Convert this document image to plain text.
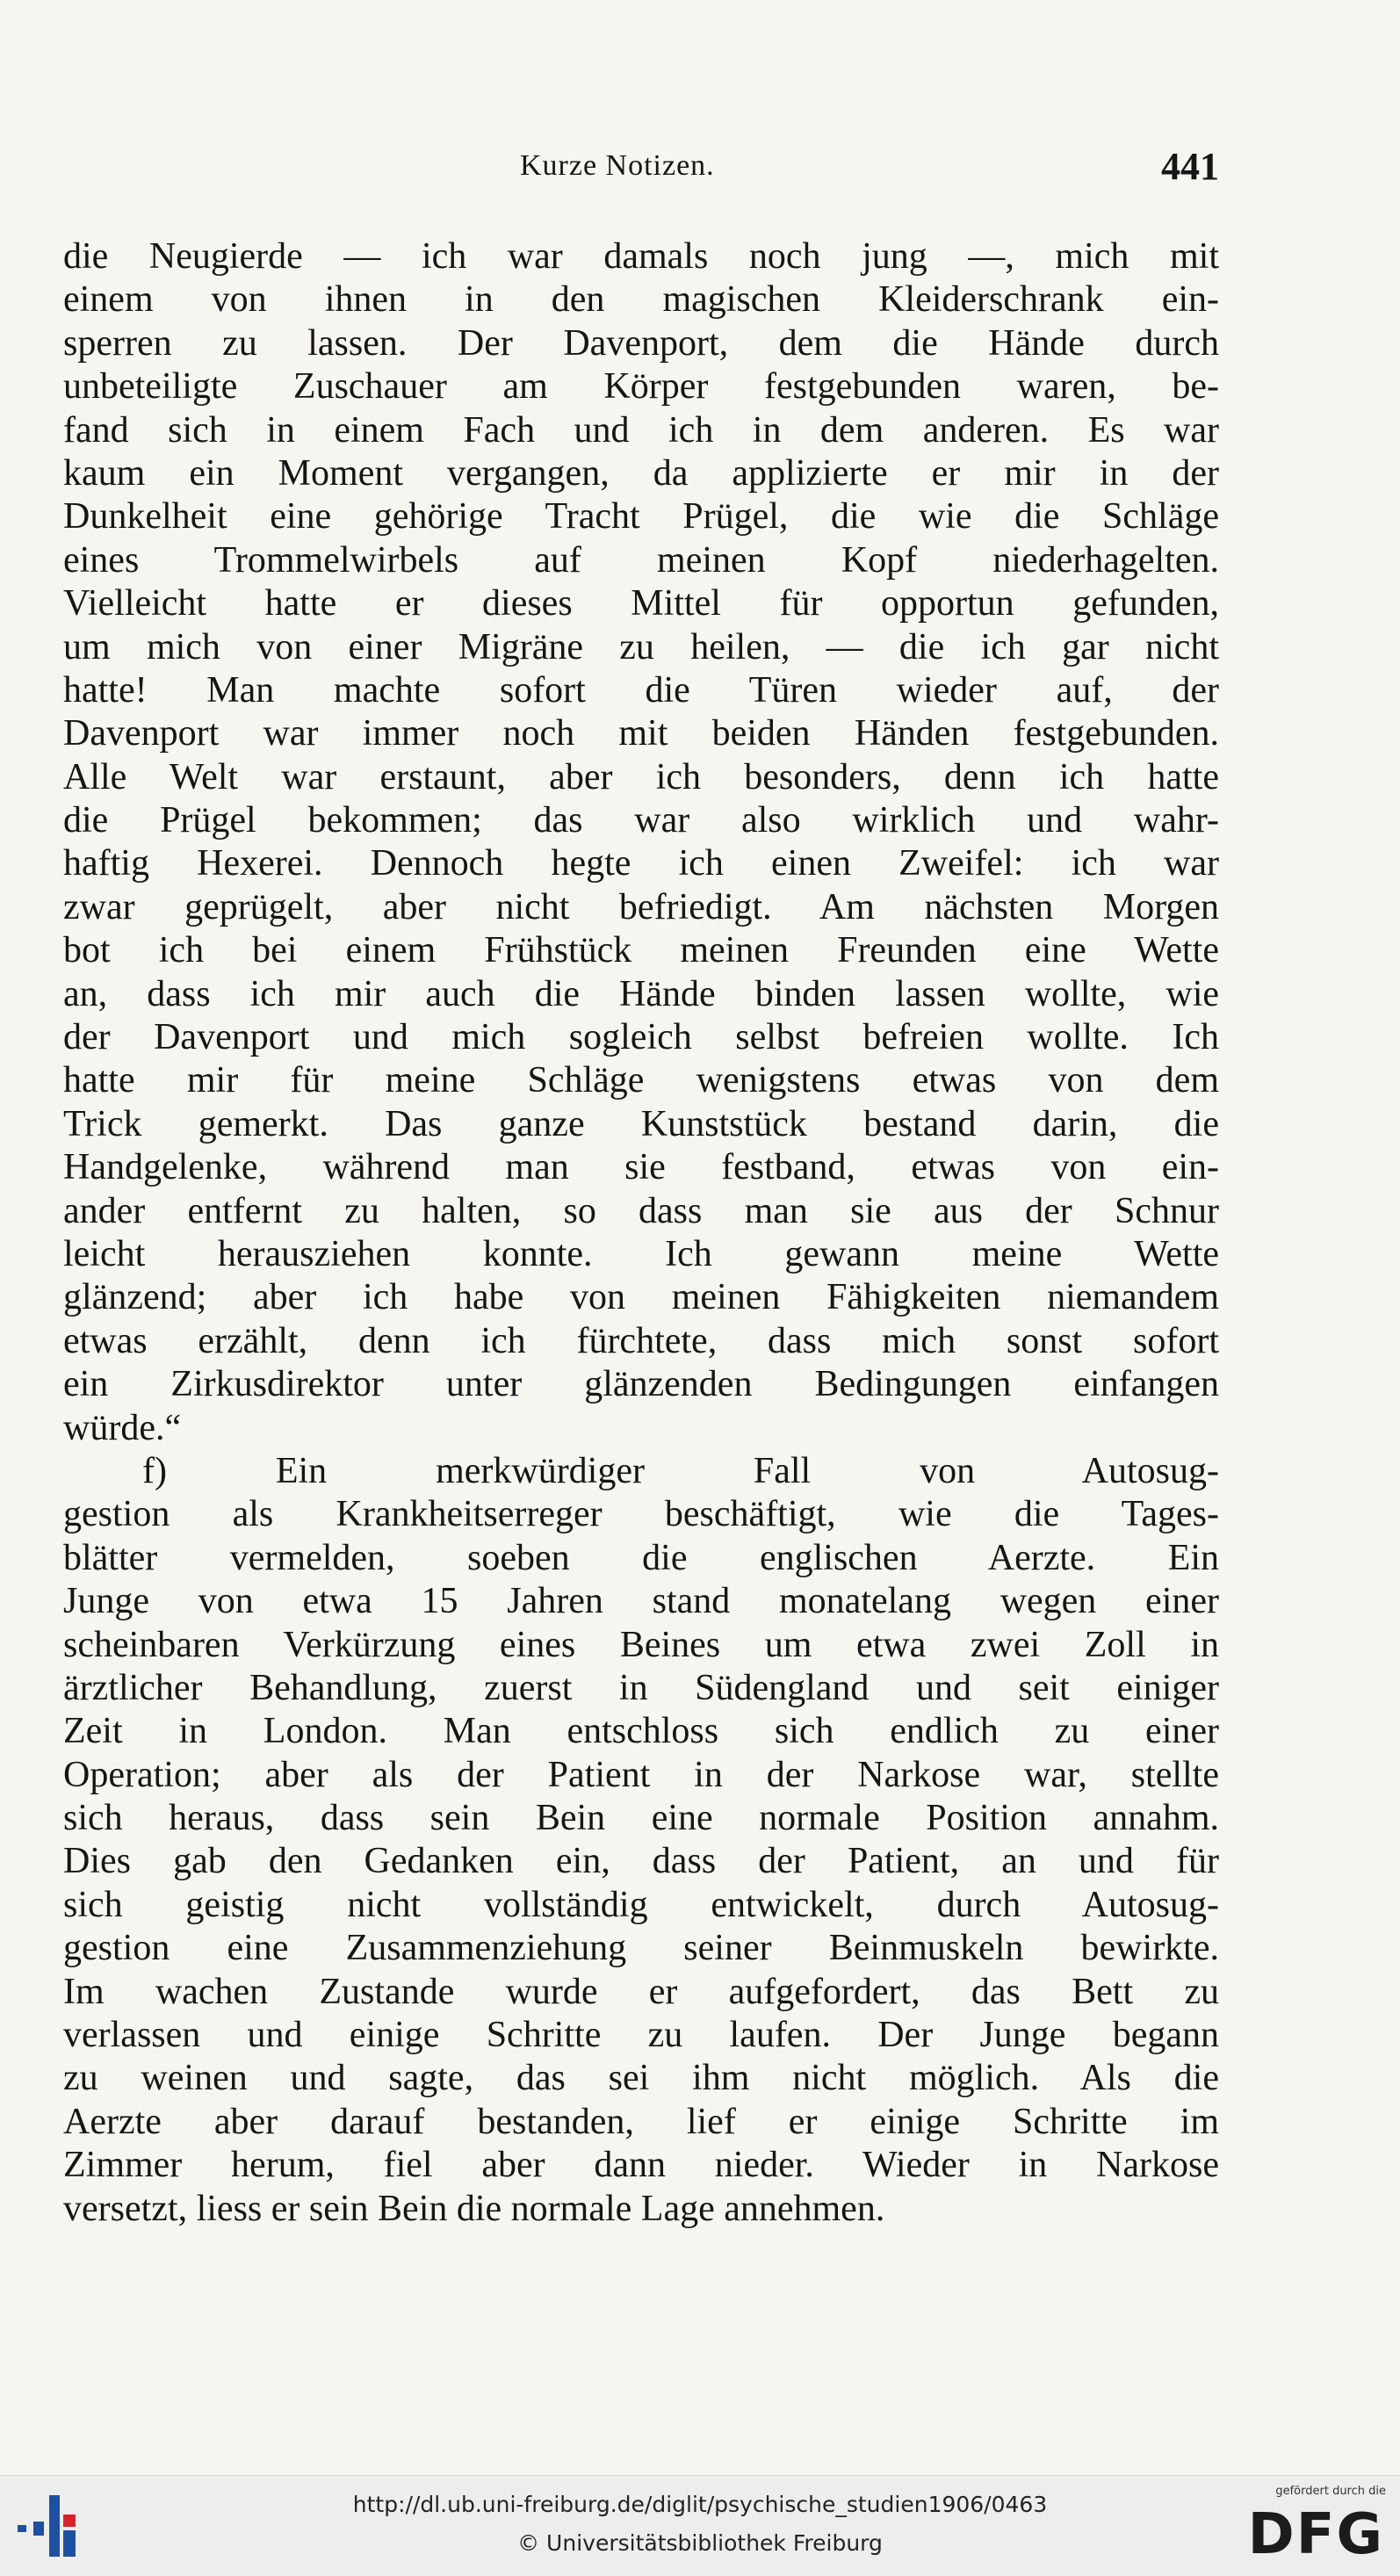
Kurze Notizen.	441
die Neugierde — ich war damals noch jung —, mich mit
einem von ihnen in den magischen Kleiderschrank ein-
sperren zu lassen. Der Davenport, dem die Hände durch
unbeteiligte Zuschauer am Körper festgebunden waren, be-
fand sich in einem Fach und ich in dem anderen. Es war
kaum ein Moment vergangen, da applizierte er mir in der
Dunkelheit eine gehörige Tracht Prügel, die wie die Schläge
eines Trommelwirbels auf meinen Kopf niederhagelten.
Vielleicht hatte er dieses Mittel für opportun gefunden,
um mich von einer Migräne zu heilen, — die ich gar nicht
hatte! Man machte sofort die Türen wieder auf, der
Davenport war immer noch mit beiden Händen festgebunden.
Alle Welt war erstaunt, aber ich besonders, denn ich hatte
die Prügel bekommen; das war also wirklich und wahr-
haftig Hexerei. Dennoch hegte ich einen Zweifel: ich war
zwar geprügelt, aber nicht befriedigt. Am nächsten Morgen
bot ich bei einem Frühstück meinen Freunden eine Wette
an, dass ich mir auch die Hände binden lassen wollte, wie
der Davenport und mich sogleich selbst befreien wollte. Ich
hatte mir für meine Schläge wenigstens etwas von dem
Trick gemerkt. Das ganze Kunststück bestand darin, die
Handgelenke, während man sie festband, etwas von ein-
ander entfernt zu halten, so dass man sie aus der Schnur
leicht herausziehen konnte. Ich gewann meine Wette
glänzend; aber ich habe von meinen Fähigkeiten niemandem
etwas erzählt, denn ich fürchtete, dass mich sonst sofort
ein Zirkusdirektor unter glänzenden Bedingungen einfangen
würde.“
f) Ein merkwürdiger Fall von Autosug-
gestion als Krankheitserreger beschäftigt, wie die Tages-
blätter vermelden, soeben die englischen Aerzte. Ein
Junge von etwa 15 Jahren stand monatelang wegen einer
scheinbaren Verkürzung eines Beines um etwa zwei Zoll in
ärztlicher Behandlung, zuerst in Südengland und seit einiger
Zeit in London. Man entschloss sich endlich zu einer
Operation; aber als der Patient in der Narkose war, stellte
sich heraus, dass sein Bein eine normale Position annahm.
Dies gab den Gedanken ein, dass der Patient, an und für
sich geistig nicht vollständig entwickelt, durch Autosug-
gestion eine Zusammenziehung seiner Beinmuskeln bewirkte.
Im wachen Zustande wurde er aufgefordert, das Bett zu
verlassen und einige Schritte zu laufen. Der Junge begann
zu weinen und sagte, das sei ihm nicht möglich. Als die
Aerzte aber darauf bestanden, lief er einige Schritte im
Zimmer herum, fiel aber dann nieder. Wieder in Narkose
versetzt, liess er sein Bein die normale Lage annehmen.
http://dl.ub.uni-freiburg.de/diglit/psychische_studien1906/0463
© Universitätsbibliothek Freiburg
gefördert durch die
DFG
